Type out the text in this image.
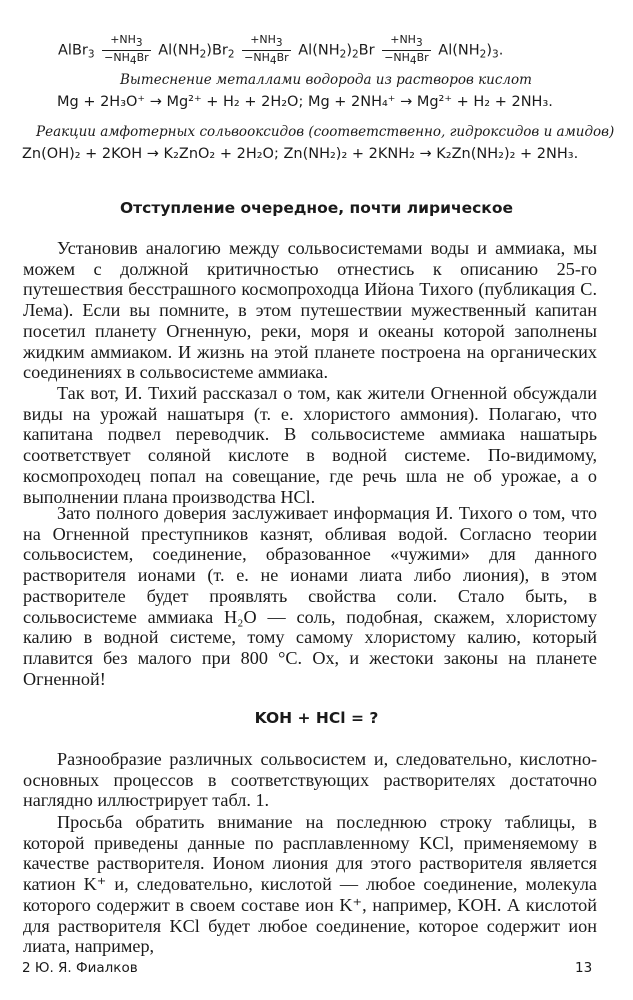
AlBr$_3$ $\frac{+NH3}{-NH4Br} Al(NH_2)Br_2 \frac{+NH3}{-NH4Br} Al(NH_2)_2Br \frac{+NH3}{-NH4Br} Al(NH_2)_3$.
Вытеснение металлами водорода из растворов кислот
Mg + 2H₃O⁺ → Mg²⁺ + H₂ + 2H₂O; Mg + 2NH₄⁺ → Mg²⁺ + H₂ + 2NH₃.
Реакции амфотерных сольвооксидов (соответственно, гидроксидов и амидов)
Zn(OH)₂ + 2KOH → K₂ZnO₂ + 2H₂O; Zn(NH₂)₂ + 2KNH₂ → K₂Zn(NH₂)₂ + 2NH₃.
Отступление очередное, почти лирическое
Установив аналогию между сольвосистемами воды и аммиака, мы можем с должной критичностью отнестись к описанию 25-го путешествия бесстрашного космопроходца Ийона Тихого (публикация С. Лема). Если вы помните, в этом путешествии мужественный капитан посетил планету Огненную, реки, моря и океаны которой заполнены жидким аммиаком. И жизнь на этой планете построена на органических соединениях в сольвосистеме аммиака.
Так вот, И. Тихий рассказал о том, как жители Огненной обсуждали виды на урожай нашатыря (т. е. хлористого аммония). Полагаю, что капитана подвел переводчик. В сольвосистеме аммиака нашатырь соответствует соляной кислоте в водной системе. По-видимому, космопроходец попал на совещание, где речь шла не об урожае, а о выполнении плана производства HCl.
Зато полного доверия заслуживает информация И. Тихого о том, что на Огненной преступников казнят, обливая водой. Согласно теории сольвосистем, соединение, образованное «чужими» для данного растворителя ионами (т. е. не ионами лиата либо лиония), в этом растворителе будет проявлять свойства соли. Стало быть, в сольвосистеме аммиака H₂O — соль, подобная, скажем, хлористому калию в водной системе, тому самому хлористому калию, который плавится без малого при 800 °С. Ох, и жестоки законы на планете Огненной!
KOH + HCl = ?
Разнообразие различных сольвосистем и, следовательно, кислотно-основных процессов в соответствующих растворителях достаточно наглядно иллюстрирует табл. 1.
Просьба обратить внимание на последнюю строку таблицы, в которой приведены данные по расплавленному KCl, применяемому в качестве растворителя. Ионом лиония для этого растворителя является катион K⁺ и, следовательно, кислотой — любое соединение, молекула которого содержит в своем составе ион K⁺, например, KOH. А кислотой для растворителя KCl будет любое соединение, которое содержит ион лиата, например,
2 Ю. Я. Фиалков	13
